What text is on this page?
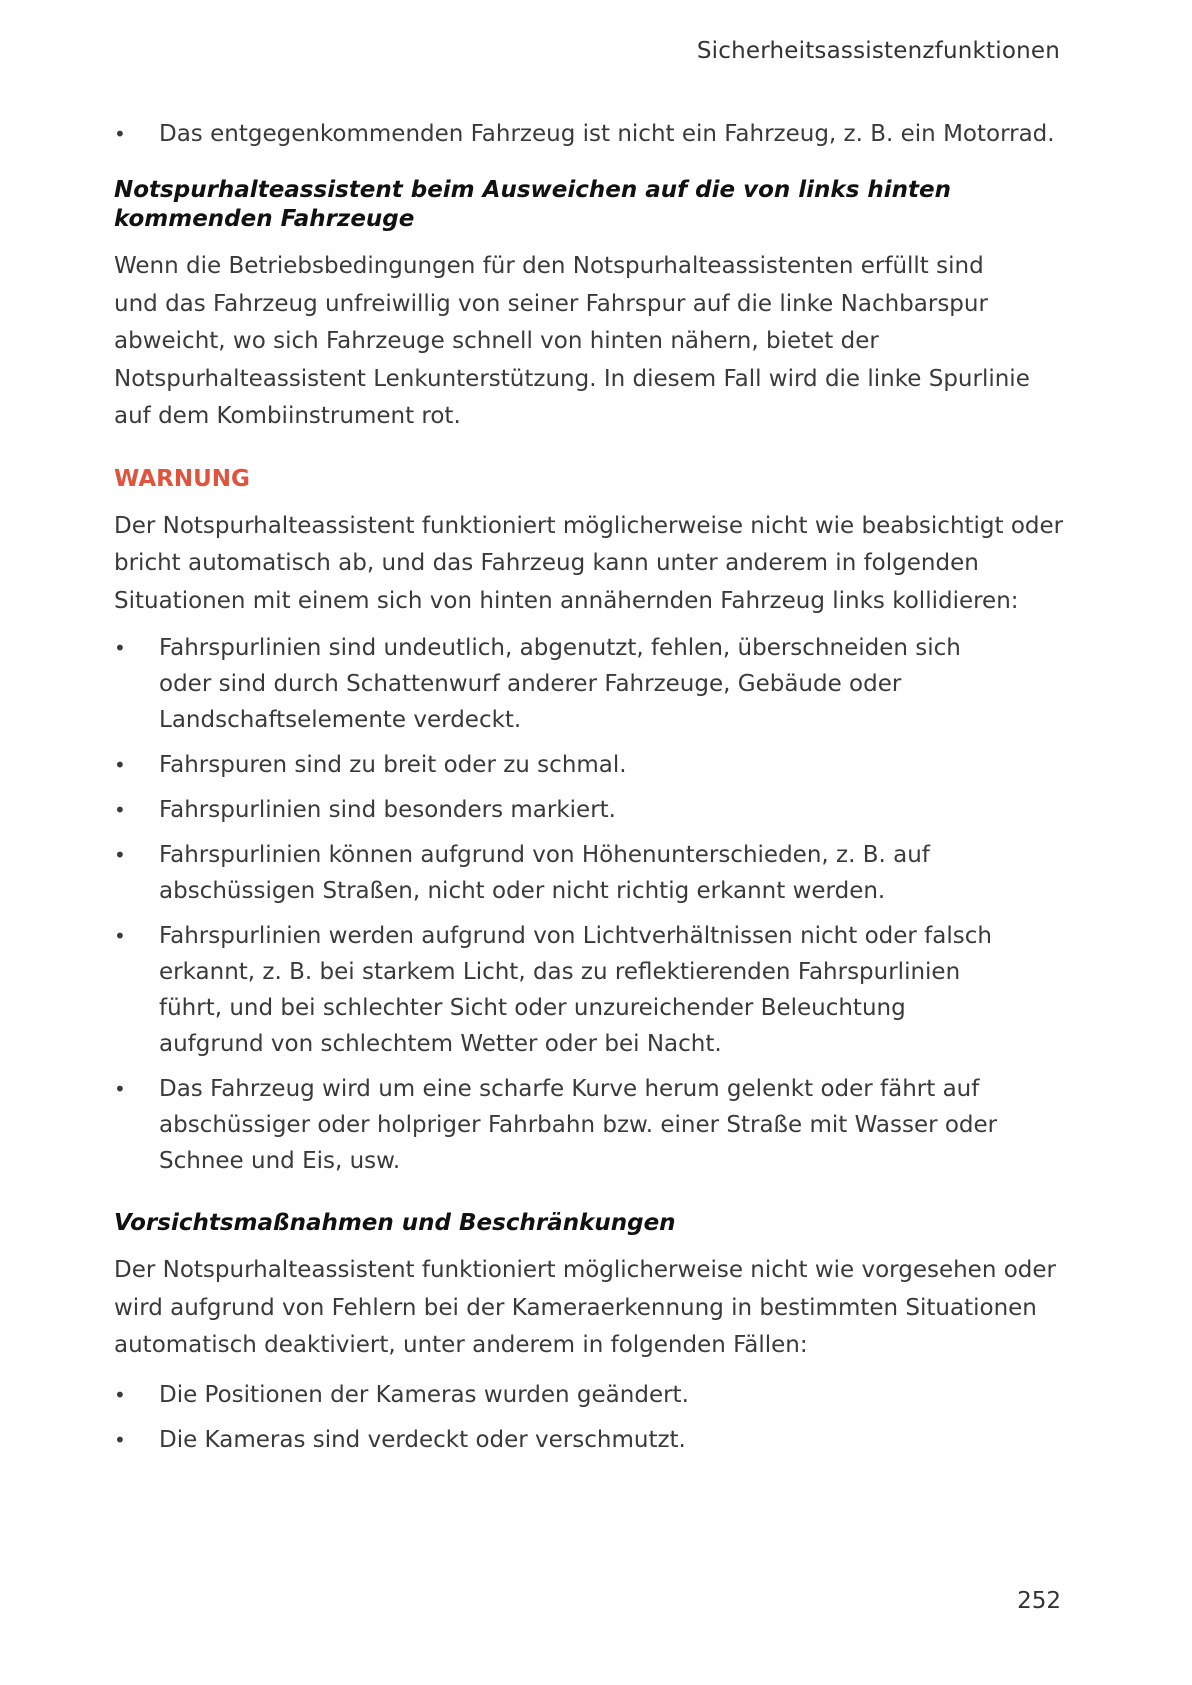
Sicherheitsassistenzfunktionen
• Das entgegenkommenden Fahrzeug ist nicht ein Fahrzeug, z. B. ein Motorrad.
Notspurhalteassistent beim Ausweichen auf die von links hinten kommenden Fahrzeuge

Wenn die Betriebsbedingungen für den Notspurhalteassistenten erfüllt sind und das Fahrzeug unfreiwillig von seiner Fahrspur auf die linke Nachbarspur abweicht, wo sich Fahrzeuge schnell von hinten nähern, bietet der Notspurhalteassistent Lenkunterstützung. In diesem Fall wird die linke Spurlinie auf dem Kombiinstrument rot.

WARNUNG

Der Notspurhalteassistent funktioniert möglicherweise nicht wie beabsichtigt oder bricht automatisch ab, und das Fahrzeug kann unter anderem in folgenden Situationen mit einem sich von hinten annähernden Fahrzeug links kollidieren:

• Fahrspurlinien sind undeutlich, abgenutzt, fehlen, überschneiden sich oder sind durch Schattenwurf anderer Fahrzeuge, Gebäude oder Landschaftselemente verdeckt.
• Fahrspuren sind zu breit oder zu schmal.
• Fahrspurlinien sind besonders markiert.
• Fahrspurlinien können aufgrund von Höhenunterschieden, z. B. auf abschüssigen Straßen, nicht oder nicht richtig erkannt werden.
• Fahrspurlinien werden aufgrund von Lichtverhältnissen nicht oder falsch erkannt, z. B. bei starkem Licht, das zu reflektierenden Fahrspurlinien führt, und bei schlechter Sicht oder unzureichender Beleuchtung aufgrund von schlechtem Wetter oder bei Nacht.
• Das Fahrzeug wird um eine scharfe Kurve herum gelenkt oder fährt auf abschüssiger oder holpriger Fahrbahn bzw. einer Straße mit Wasser oder Schnee und Eis, usw.
Vorsichtsmaßnahmen und Beschränkungen

Der Notspurhalteassistent funktioniert möglicherweise nicht wie vorgesehen oder wird aufgrund von Fehlern bei der Kameraerkennung in bestimmten Situationen automatisch deaktiviert, unter anderem in folgenden Fällen:

• Die Positionen der Kameras wurden geändert.
• Die Kameras sind verdeckt oder verschmutzt.
252
